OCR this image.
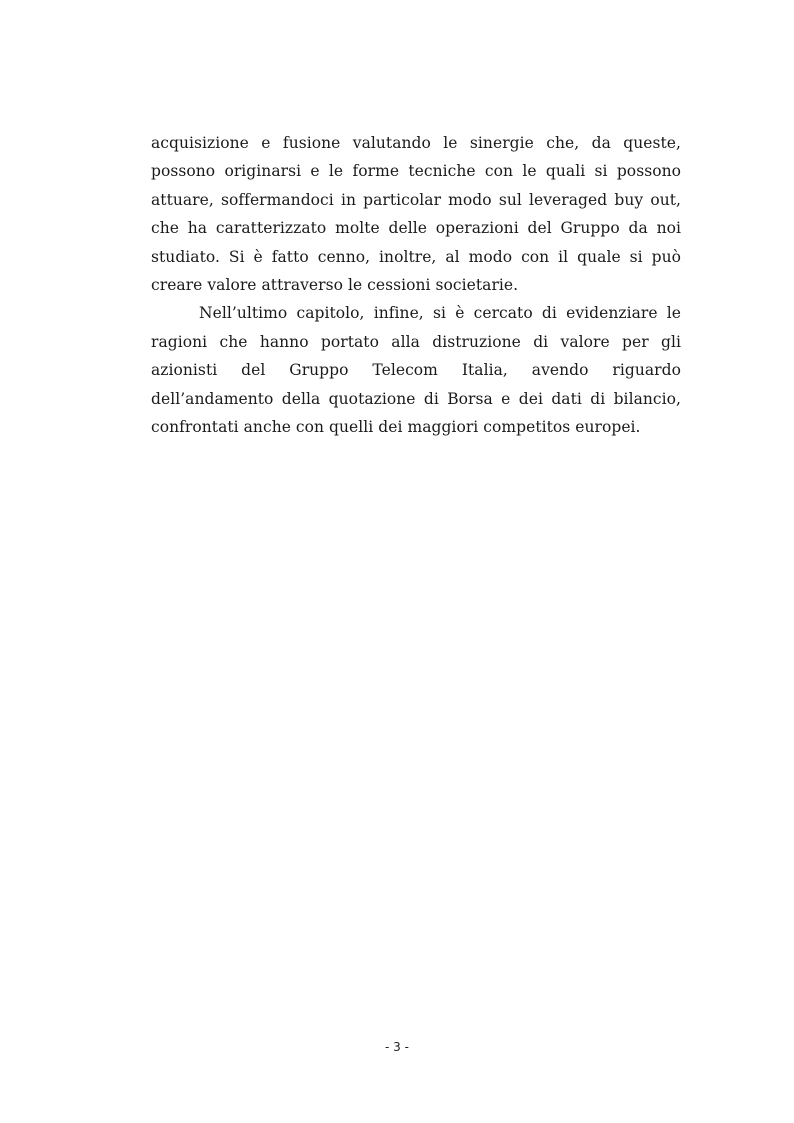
acquisizione e fusione valutando le sinergie che, da queste, possono originarsi e le forme tecniche con le quali si possono attuare, soffermandoci in particolar modo sul leveraged buy out, che ha caratterizzato molte delle operazioni del Gruppo da noi studiato. Si è fatto cenno, inoltre, al modo con il quale si può creare valore attraverso le cessioni societarie.

Nell’ultimo capitolo, infine, si è cercato di evidenziare le ragioni che hanno portato alla distruzione di valore per gli azionisti del Gruppo Telecom Italia, avendo riguardo dell’andamento della quotazione di Borsa e dei dati di bilancio, confrontati anche con quelli dei maggiori competitos europei.

- 3 -
